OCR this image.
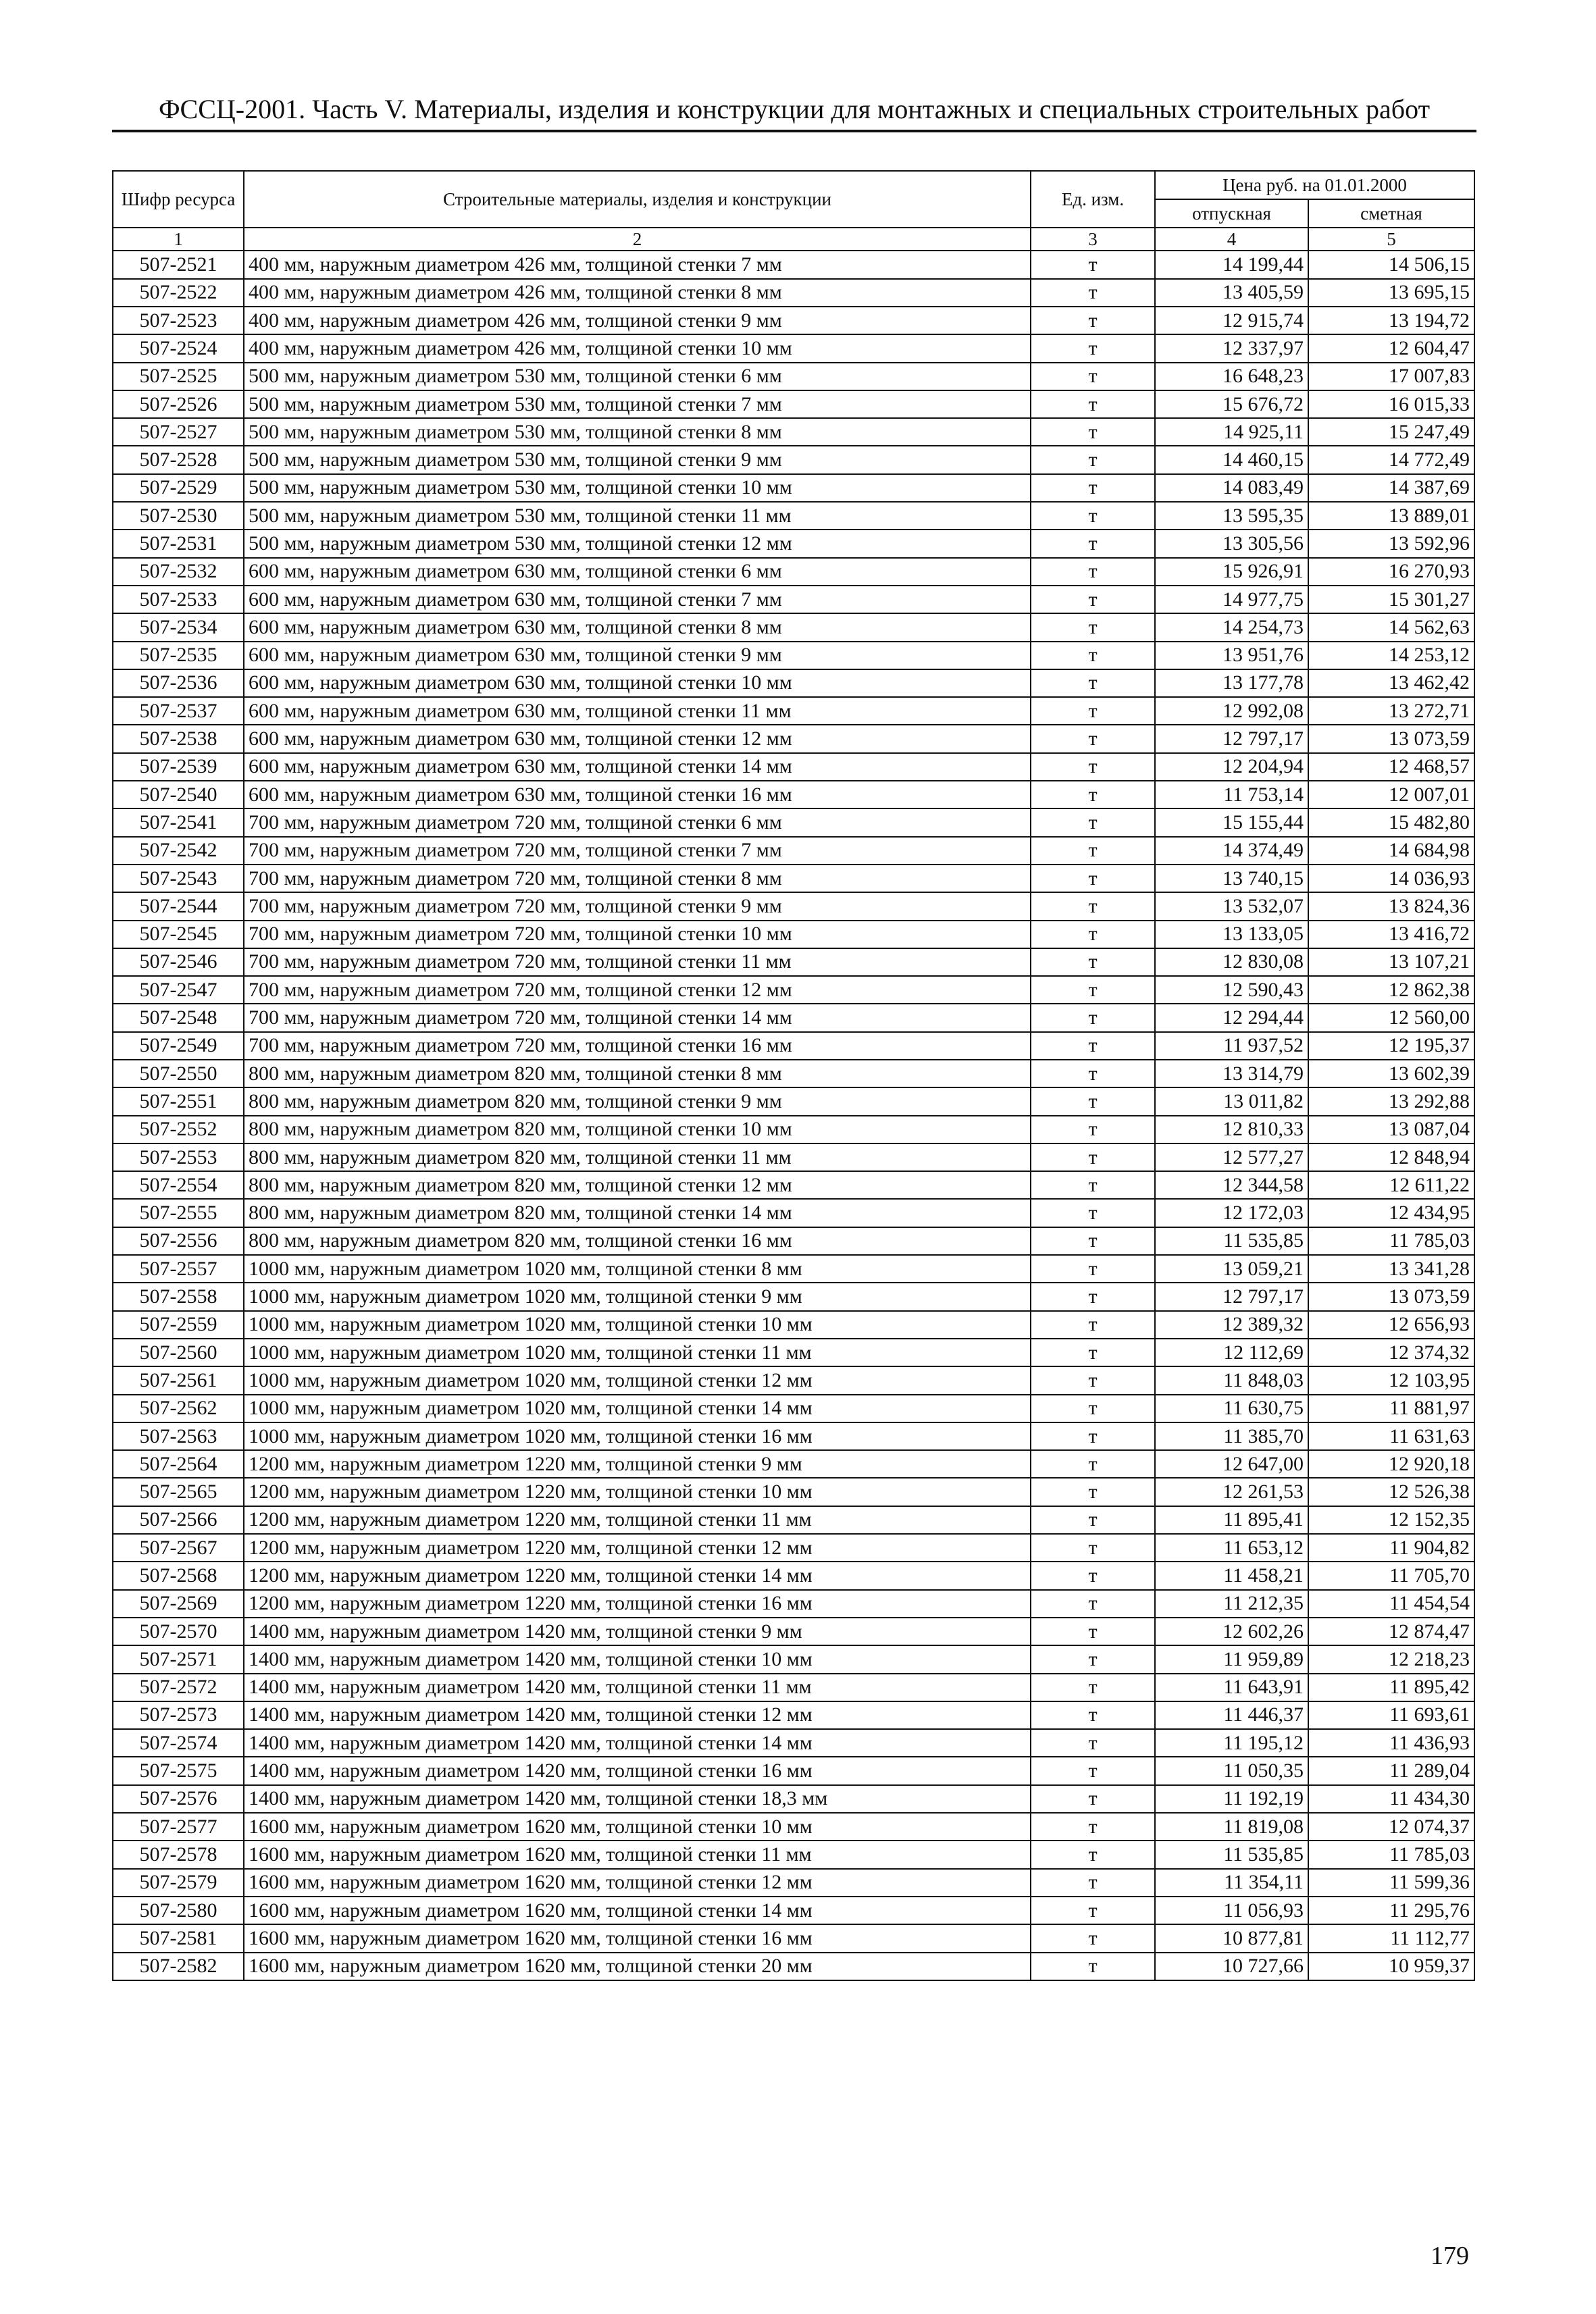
ФССЦ-2001. Часть V. Материалы, изделия и конструкции для монтажных и специальных строительных работ
Шифр ресурса	Строительные материалы, изделия и конструкции	Ед. изм.	Цена руб. на 01.01.2000	
			отпускная	сметная
1	2	3	4	5
507-2521	400 мм, наружным диаметром 426 мм, толщиной стенки 7 мм	т	14 199,44	14 506,15
507-2522	400 мм, наружным диаметром 426 мм, толщиной стенки 8 мм	т	13 405,59	13 695,15
507-2523	400 мм, наружным диаметром 426 мм, толщиной стенки 9 мм	т	12 915,74	13 194,72
507-2524	400 мм, наружным диаметром 426 мм, толщиной стенки 10 мм	т	12 337,97	12 604,47
507-2525	500 мм, наружным диаметром 530 мм, толщиной стенки 6 мм	т	16 648,23	17 007,83
507-2526	500 мм, наружным диаметром 530 мм, толщиной стенки 7 мм	т	15 676,72	16 015,33
507-2527	500 мм, наружным диаметром 530 мм, толщиной стенки 8 мм	т	14 925,11	15 247,49
507-2528	500 мм, наружным диаметром 530 мм, толщиной стенки 9 мм	т	14 460,15	14 772,49
507-2529	500 мм, наружным диаметром 530 мм, толщиной стенки 10 мм	т	14 083,49	14 387,69
507-2530	500 мм, наружным диаметром 530 мм, толщиной стенки 11 мм	т	13 595,35	13 889,01
507-2531	500 мм, наружным диаметром 530 мм, толщиной стенки 12 мм	т	13 305,56	13 592,96
507-2532	600 мм, наружным диаметром 630 мм, толщиной стенки 6 мм	т	15 926,91	16 270,93
507-2533	600 мм, наружным диаметром 630 мм, толщиной стенки 7 мм	т	14 977,75	15 301,27
507-2534	600 мм, наружным диаметром 630 мм, толщиной стенки 8 мм	т	14 254,73	14 562,63
507-2535	600 мм, наружным диаметром 630 мм, толщиной стенки 9 мм	т	13 951,76	14 253,12
507-2536	600 мм, наружным диаметром 630 мм, толщиной стенки 10 мм	т	13 177,78	13 462,42
507-2537	600 мм, наружным диаметром 630 мм, толщиной стенки 11 мм	т	12 992,08	13 272,71
507-2538	600 мм, наружным диаметром 630 мм, толщиной стенки 12 мм	т	12 797,17	13 073,59
507-2539	600 мм, наружным диаметром 630 мм, толщиной стенки 14 мм	т	12 204,94	12 468,57
507-2540	600 мм, наружным диаметром 630 мм, толщиной стенки 16 мм	т	11 753,14	12 007,01
507-2541	700 мм, наружным диаметром 720 мм, толщиной стенки 6 мм	т	15 155,44	15 482,80
507-2542	700 мм, наружным диаметром 720 мм, толщиной стенки 7 мм	т	14 374,49	14 684,98
507-2543	700 мм, наружным диаметром 720 мм, толщиной стенки 8 мм	т	13 740,15	14 036,93
507-2544	700 мм, наружным диаметром 720 мм, толщиной стенки 9 мм	т	13 532,07	13 824,36
507-2545	700 мм, наружным диаметром 720 мм, толщиной стенки 10 мм	т	13 133,05	13 416,72
507-2546	700 мм, наружным диаметром 720 мм, толщиной стенки 11 мм	т	12 830,08	13 107,21
507-2547	700 мм, наружным диаметром 720 мм, толщиной стенки 12 мм	т	12 590,43	12 862,38
507-2548	700 мм, наружным диаметром 720 мм, толщиной стенки 14 мм	т	12 294,44	12 560,00
507-2549	700 мм, наружным диаметром 720 мм, толщиной стенки 16 мм	т	11 937,52	12 195,37
507-2550	800 мм, наружным диаметром 820 мм, толщиной стенки 8 мм	т	13 314,79	13 602,39
507-2551	800 мм, наружным диаметром 820 мм, толщиной стенки 9 мм	т	13 011,82	13 292,88
507-2552	800 мм, наружным диаметром 820 мм, толщиной стенки 10 мм	т	12 810,33	13 087,04
507-2553	800 мм, наружным диаметром 820 мм, толщиной стенки 11 мм	т	12 577,27	12 848,94
507-2554	800 мм, наружным диаметром 820 мм, толщиной стенки 12 мм	т	12 344,58	12 611,22
507-2555	800 мм, наружным диаметром 820 мм, толщиной стенки 14 мм	т	12 172,03	12 434,95
507-2556	800 мм, наружным диаметром 820 мм, толщиной стенки 16 мм	т	11 535,85	11 785,03
507-2557	1000 мм, наружным диаметром 1020 мм, толщиной стенки 8 мм	т	13 059,21	13 341,28
507-2558	1000 мм, наружным диаметром 1020 мм, толщиной стенки 9 мм	т	12 797,17	13 073,59
507-2559	1000 мм, наружным диаметром 1020 мм, толщиной стенки 10 мм	т	12 389,32	12 656,93
507-2560	1000 мм, наружным диаметром 1020 мм, толщиной стенки 11 мм	т	12 112,69	12 374,32
507-2561	1000 мм, наружным диаметром 1020 мм, толщиной стенки 12 мм	т	11 848,03	12 103,95
507-2562	1000 мм, наружным диаметром 1020 мм, толщиной стенки 14 мм	т	11 630,75	11 881,97
507-2563	1000 мм, наружным диаметром 1020 мм, толщиной стенки 16 мм	т	11 385,70	11 631,63
507-2564	1200 мм, наружным диаметром 1220 мм, толщиной стенки 9 мм	т	12 647,00	12 920,18
507-2565	1200 мм, наружным диаметром 1220 мм, толщиной стенки 10 мм	т	12 261,53	12 526,38
507-2566	1200 мм, наружным диаметром 1220 мм, толщиной стенки 11 мм	т	11 895,41	12 152,35
507-2567	1200 мм, наружным диаметром 1220 мм, толщиной стенки 12 мм	т	11 653,12	11 904,82
507-2568	1200 мм, наружным диаметром 1220 мм, толщиной стенки 14 мм	т	11 458,21	11 705,70
507-2569	1200 мм, наружным диаметром 1220 мм, толщиной стенки 16 мм	т	11 212,35	11 454,54
507-2570	1400 мм, наружным диаметром 1420 мм, толщиной стенки 9 мм	т	12 602,26	12 874,47
507-2571	1400 мм, наружным диаметром 1420 мм, толщиной стенки 10 мм	т	11 959,89	12 218,23
507-2572	1400 мм, наружным диаметром 1420 мм, толщиной стенки 11 мм	т	11 643,91	11 895,42
507-2573	1400 мм, наружным диаметром 1420 мм, толщиной стенки 12 мм	т	11 446,37	11 693,61
507-2574	1400 мм, наружным диаметром 1420 мм, толщиной стенки 14 мм	т	11 195,12	11 436,93
507-2575	1400 мм, наружным диаметром 1420 мм, толщиной стенки 16 мм	т	11 050,35	11 289,04
507-2576	1400 мм, наружным диаметром 1420 мм, толщиной стенки 18,3 мм	т	11 192,19	11 434,30
507-2577	1600 мм, наружным диаметром 1620 мм, толщиной стенки 10 мм	т	11 819,08	12 074,37
507-2578	1600 мм, наружным диаметром 1620 мм, толщиной стенки 11 мм	т	11 535,85	11 785,03
507-2579	1600 мм, наружным диаметром 1620 мм, толщиной стенки 12 мм	т	11 354,11	11 599,36
507-2580	1600 мм, наружным диаметром 1620 мм, толщиной стенки 14 мм	т	11 056,93	11 295,76
507-2581	1600 мм, наружным диаметром 1620 мм, толщиной стенки 16 мм	т	10 877,81	11 112,77
507-2582	1600 мм, наружным диаметром 1620 мм, толщиной стенки 20 мм	т	10 727,66	10 959,37
179
